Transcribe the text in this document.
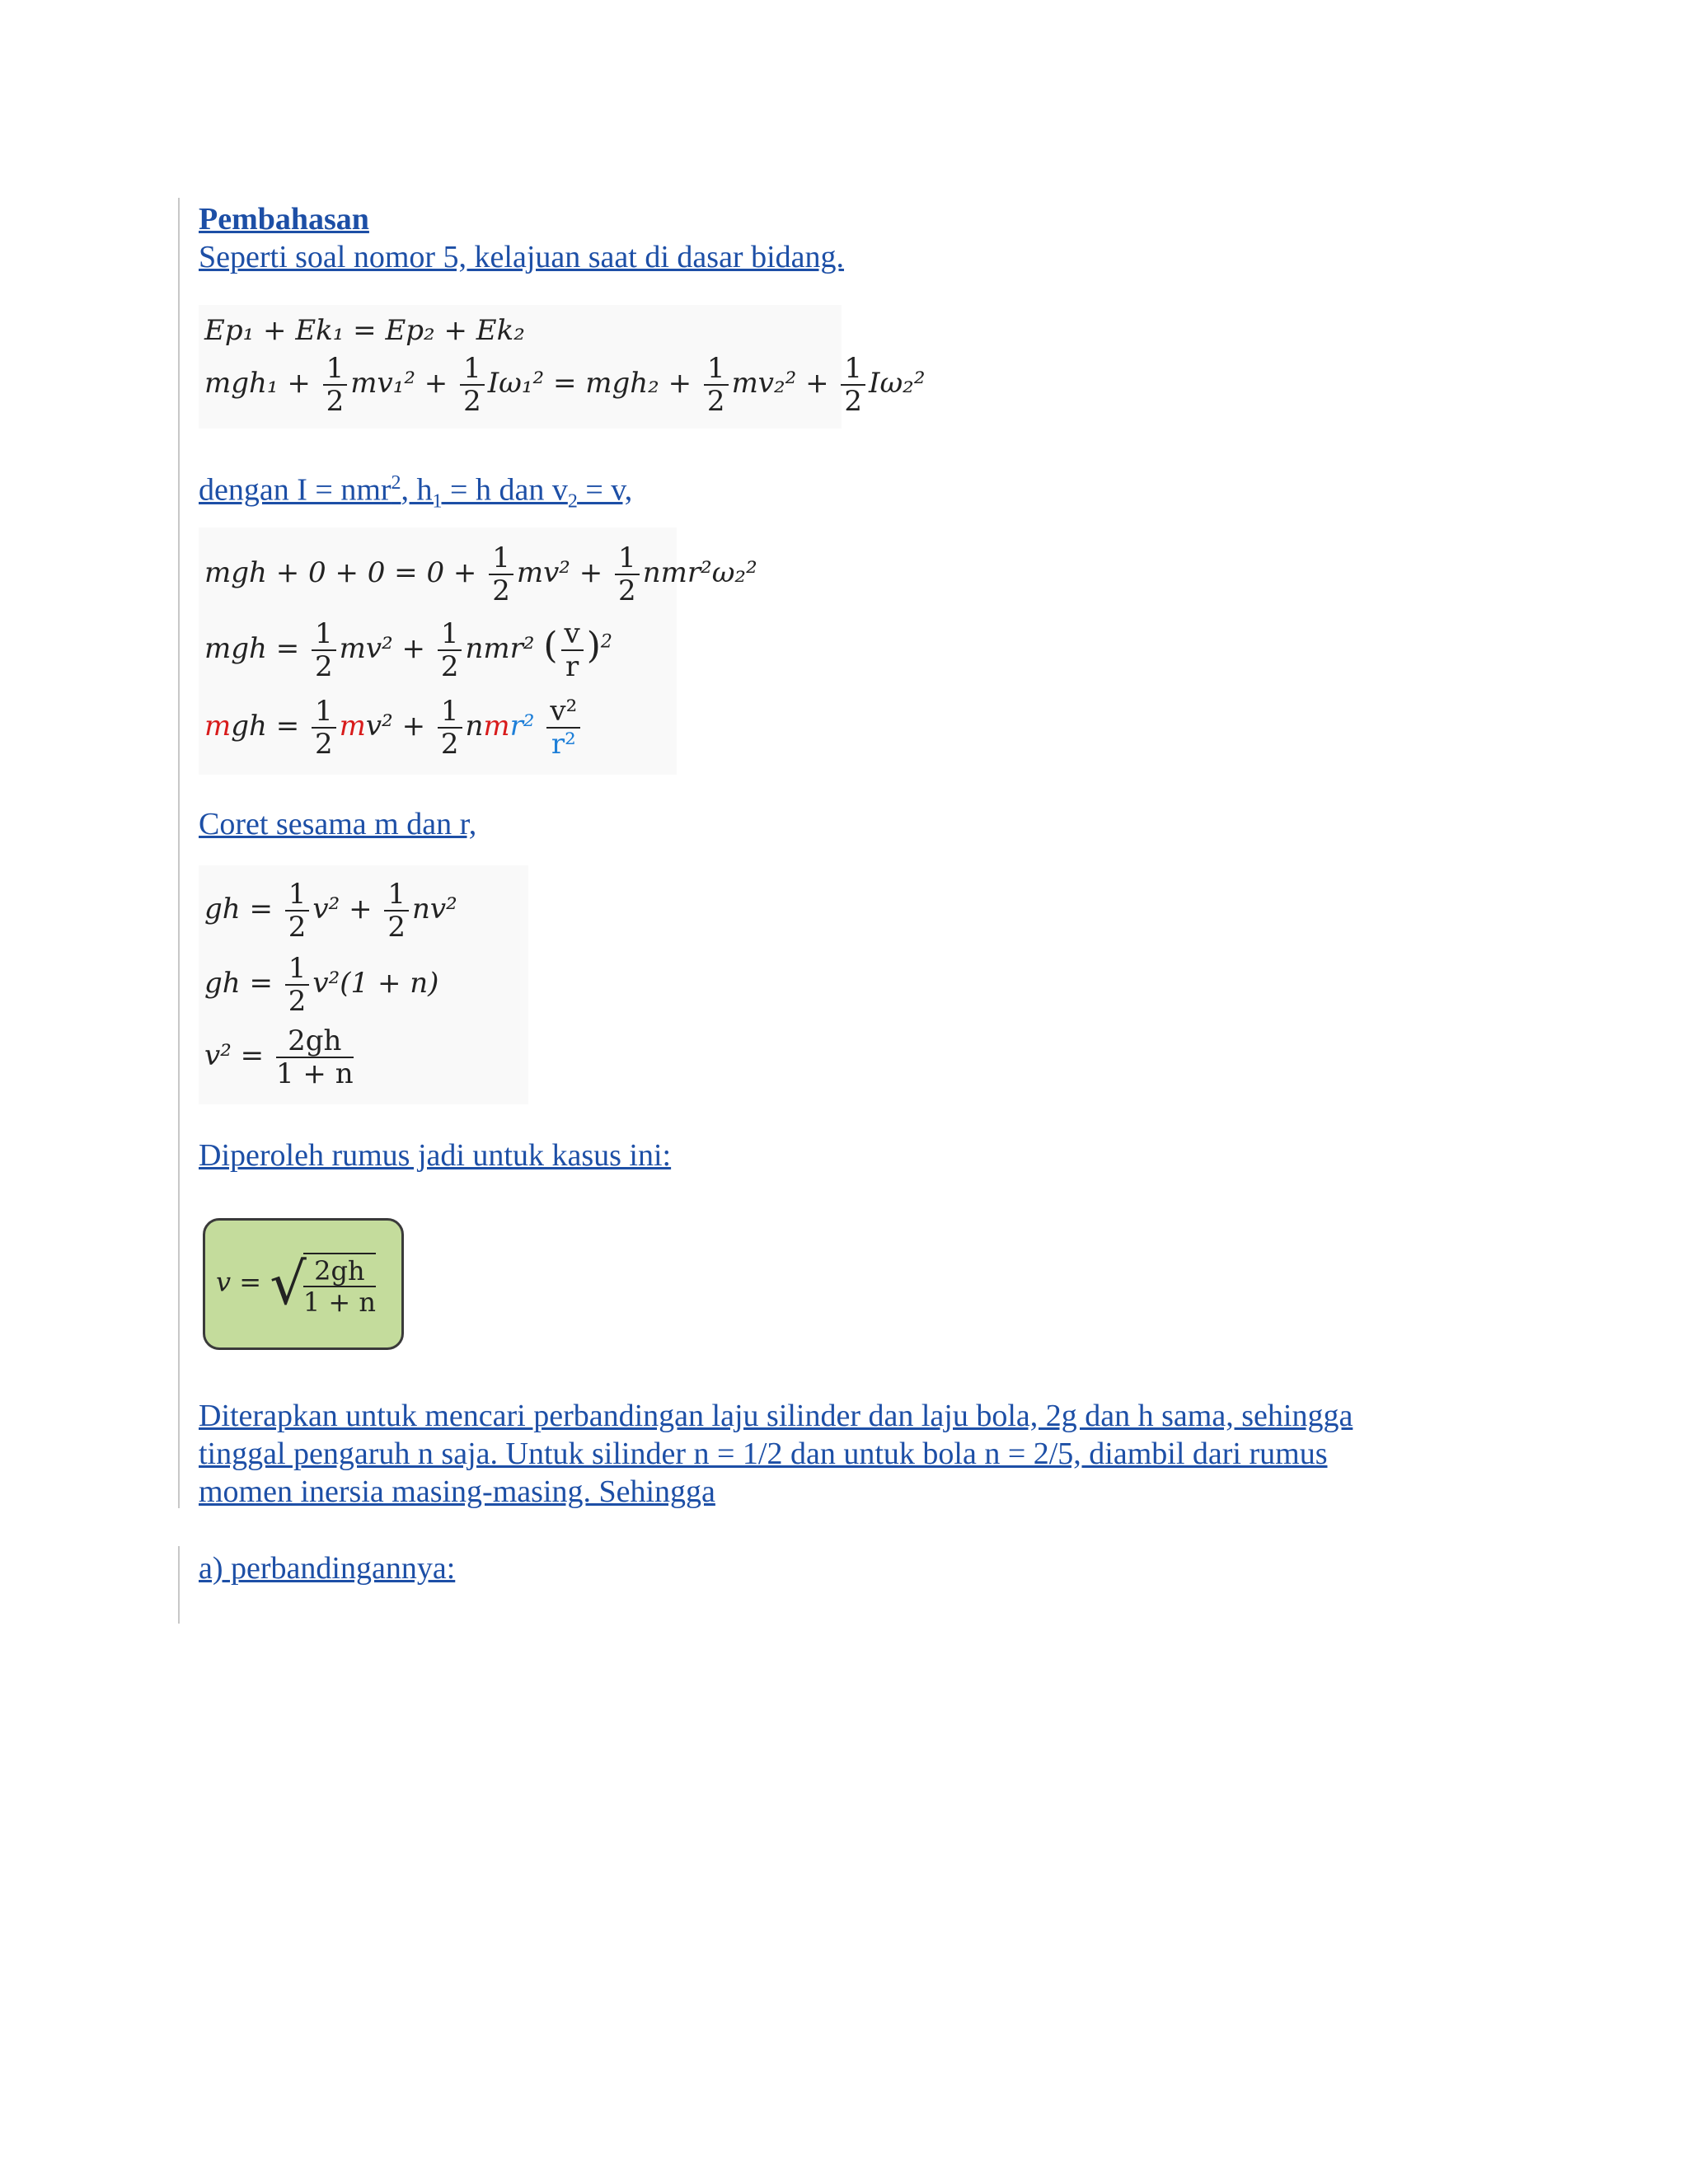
Pembahasan
Seperti soal nomor 5, kelajuan saat di dasar bidang.
Ep₁ + Ek₁ = Ep₂ + Ek₂
$mgh_1 + \frac{1}{2} mv_1^2 + \frac{1}{2} I\omega_1^2 = mgh_2 + \frac{1}{2} mv_2^2 + \frac{1}{2} I\omega_2^2$
dengan I = nmr$^2$, $h_1 = h$ dan $v_2 = v$,
mgh + $0 + 0 = 0 + \frac{1}{2} mv^2 + \frac{1}{2} nmr^2\omega_2^2$
mgh = $\frac{1}{2} mv^2 + \frac{1}{2} nmr^2$ ( $\frac{v}{r} )^2$
mgh = $\frac{1}{2} mv^2 + \frac{1}{2} nmr^2 \frac{\text{v²}}{\text{r²}}$
Coret sesama m dan r,
gh = $\frac{1}{2} v^2 + \frac{1}{2} nv^2$
gh = $\frac{1}{2} v^2(1 + n)$
$v^2 = \frac{2gh}{1 + n}$
Diperoleh rumus jadi untuk kasus ini:
v = √
$\frac{2gh}{1 + n}$
Diterapkan untuk mencari perbandingan laju silinder dan laju bola, 2g dan h sama, sehingga
tinggal pengaruh n saja. Untuk silinder n = 1/2 dan untuk bola n = 2/5, diambil dari rumus
momen inersia masing-masing. Sehingga
a) perbandingannya:
